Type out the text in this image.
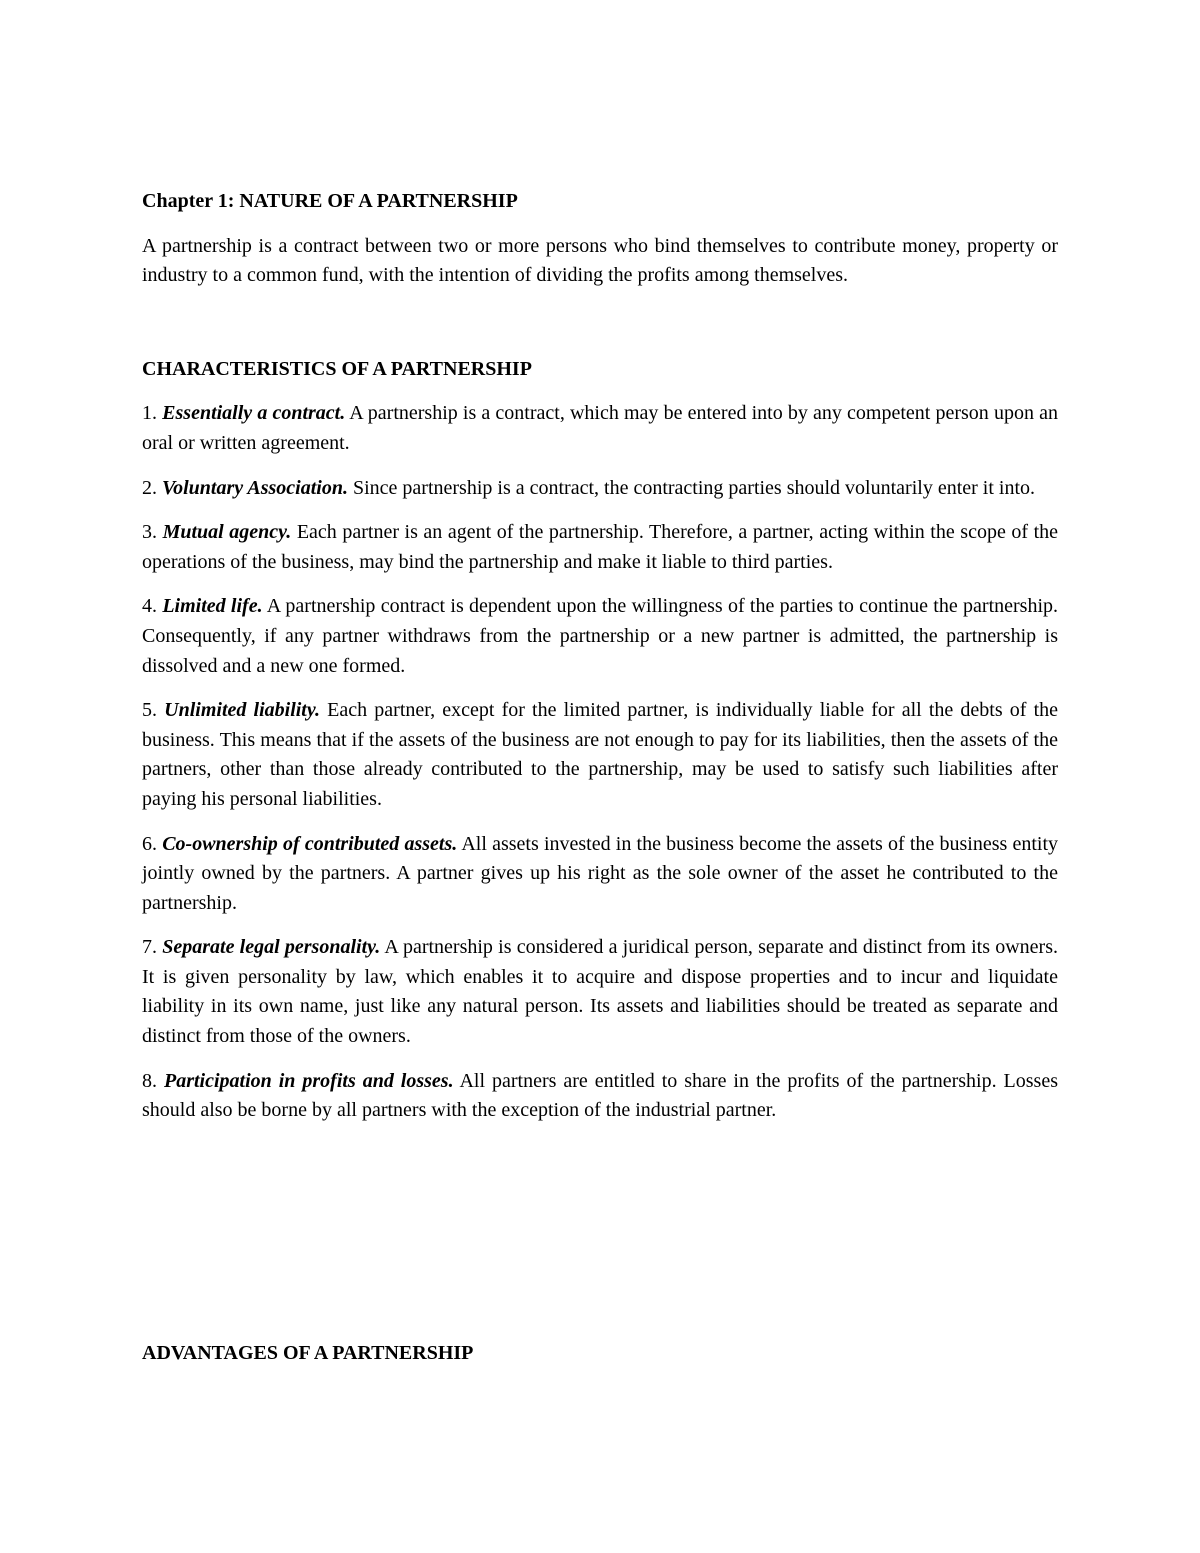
Chapter 1: NATURE OF A PARTNERSHIP

A partnership is a contract between two or more persons who bind themselves to contribute money, property or industry to a common fund, with the intention of dividing the profits among themselves.

CHARACTERISTICS OF A PARTNERSHIP

1. Essentially a contract. A partnership is a contract, which may be entered into by any competent person upon an oral or written agreement.

2. Voluntary Association. Since partnership is a contract, the contracting parties should voluntarily enter it into.

3. Mutual agency. Each partner is an agent of the partnership. Therefore, a partner, acting within the scope of the operations of the business, may bind the partnership and make it liable to third parties.

4. Limited life. A partnership contract is dependent upon the willingness of the parties to continue the partnership. Consequently, if any partner withdraws from the partnership or a new partner is admitted, the partnership is dissolved and a new one formed.

5. Unlimited liability. Each partner, except for the limited partner, is individually liable for all the debts of the business. This means that if the assets of the business are not enough to pay for its liabilities, then the assets of the partners, other than those already contributed to the partnership, may be used to satisfy such liabilities after paying his personal liabilities.

6. Co-ownership of contributed assets. All assets invested in the business become the assets of the business entity jointly owned by the partners. A partner gives up his right as the sole owner of the asset he contributed to the partnership.

7. Separate legal personality. A partnership is considered a juridical person, separate and distinct from its owners. It is given personality by law, which enables it to acquire and dispose properties and to incur and liquidate liability in its own name, just like any natural person. Its assets and liabilities should be treated as separate and distinct from those of the owners.

8. Participation in profits and losses. All partners are entitled to share in the profits of the partnership. Losses should also be borne by all partners with the exception of the industrial partner.

ADVANTAGES OF A PARTNERSHIP
